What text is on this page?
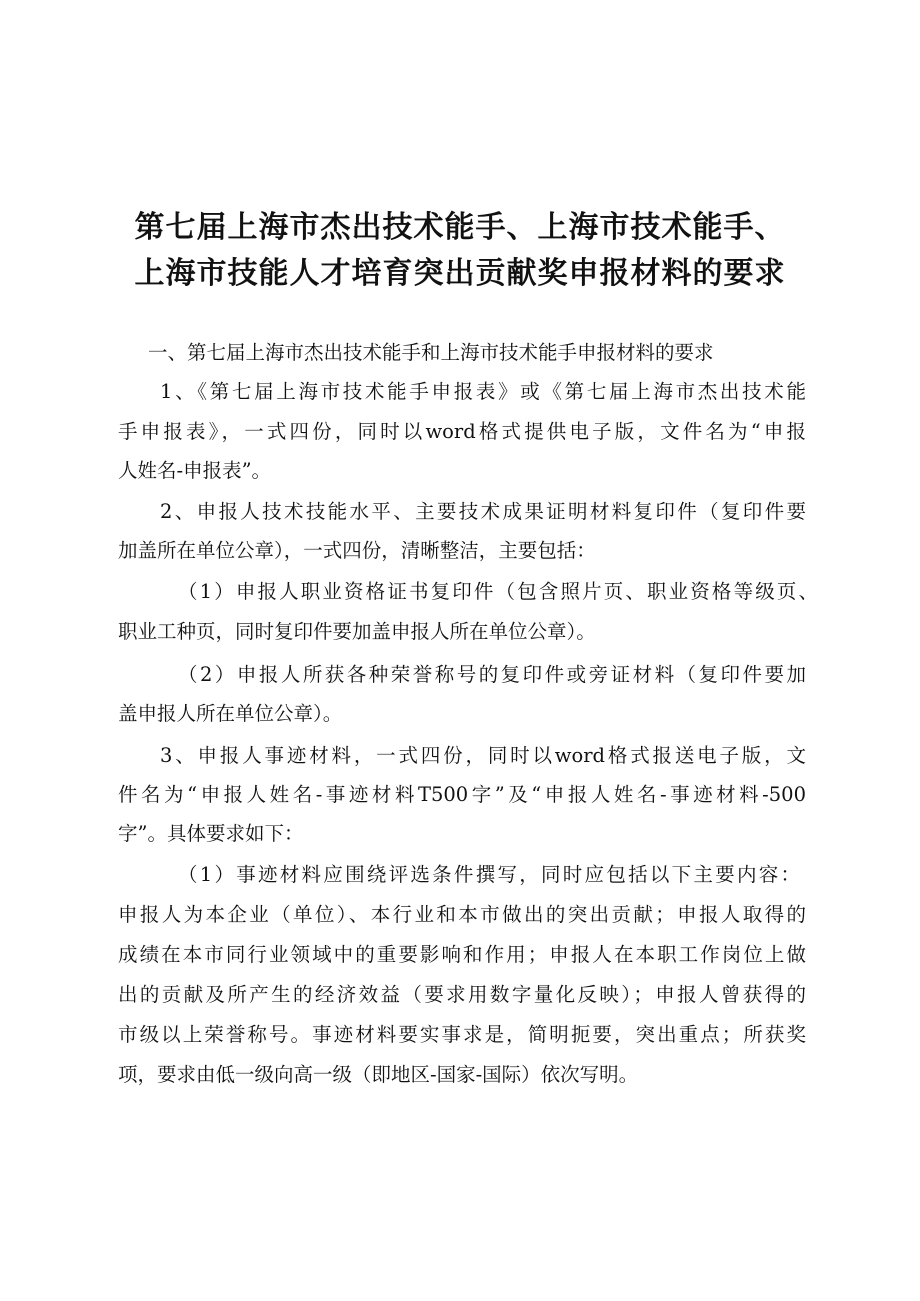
第七届上海市杰出技术能手、上海市技术能手、
上海市技能人才培育突出贡献奖申报材料的要求
一、第七届上海市杰出技术能手和上海市技术能手申报材料的要求
1、《第七届上海市技术能手申报表》或《第七届上海市杰出技术能
手申报表》，一式四份，同时以word格式提供电子版，文件名为“申报
人姓名-申报表”。
2、申报人技术技能水平、主要技术成果证明材料复印件（复印件要
加盖所在单位公章），一式四份，清晰整洁，主要包括：
（1）申报人职业资格证书复印件（包含照片页、职业资格等级页、
职业工种页，同时复印件要加盖申报人所在单位公章）。
（2）申报人所获各种荣誉称号的复印件或旁证材料（复印件要加
盖申报人所在单位公章）。
3、申报人事迹材料，一式四份，同时以word格式报送电子版，文
件名为“申报人姓名-事迹材料T500字”及“申报人姓名-事迹材料-500
字”。具体要求如下：
（1）事迹材料应围绕评选条件撰写，同时应包括以下主要内容：
申报人为本企业（单位）、本行业和本市做出的突出贡献；申报人取得的
成绩在本市同行业领域中的重要影响和作用；申报人在本职工作岗位上做
出的贡献及所产生的经济效益（要求用数字量化反映）；申报人曾获得的
市级以上荣誉称号。事迹材料要实事求是，简明扼要，突出重点；所获奖
项，要求由低一级向高一级（即地区-国家-国际）依次写明。
